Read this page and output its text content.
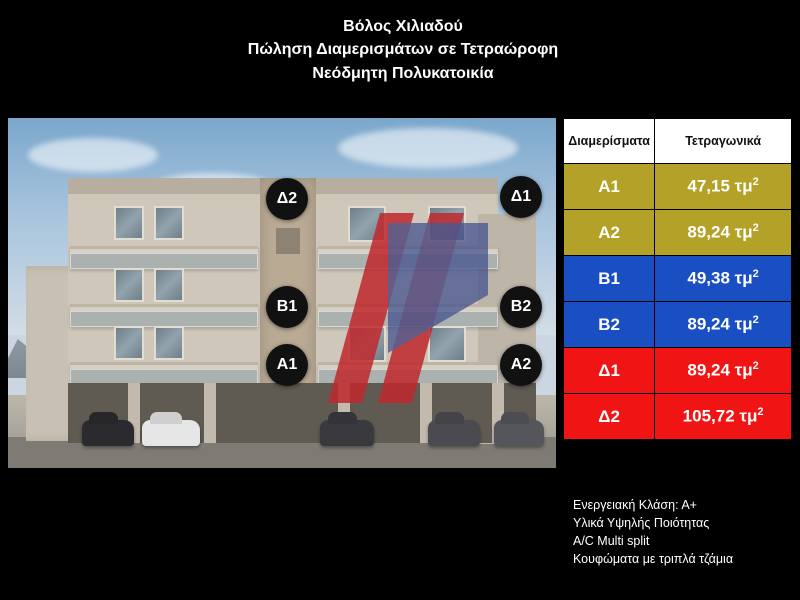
Βόλος Χιλιαδού
Πώληση Διαμερισμάτων σε Τετραώροφη
Νεόδμητη Πολυκατοικία
Δ2	Δ1
B1	B2
A1	A2
Διαμερίσματα	Τετραγωνικά
A1	47,15 $\tau\mu^2$
A2	89,24 $\tau\mu^2$
B1	49,38 $\tau\mu^2$
B2	89,24 $\tau\mu^2$
Δ1	89,24 $\tau\mu^2$
Δ2	105,72 $\tau\mu^2$
Ενεργειακή Κλάση: Α+
Υλικά Υψηλής Ποιότητας
A/C Multi split
Κουφώματα με τριπλά τζάμια
